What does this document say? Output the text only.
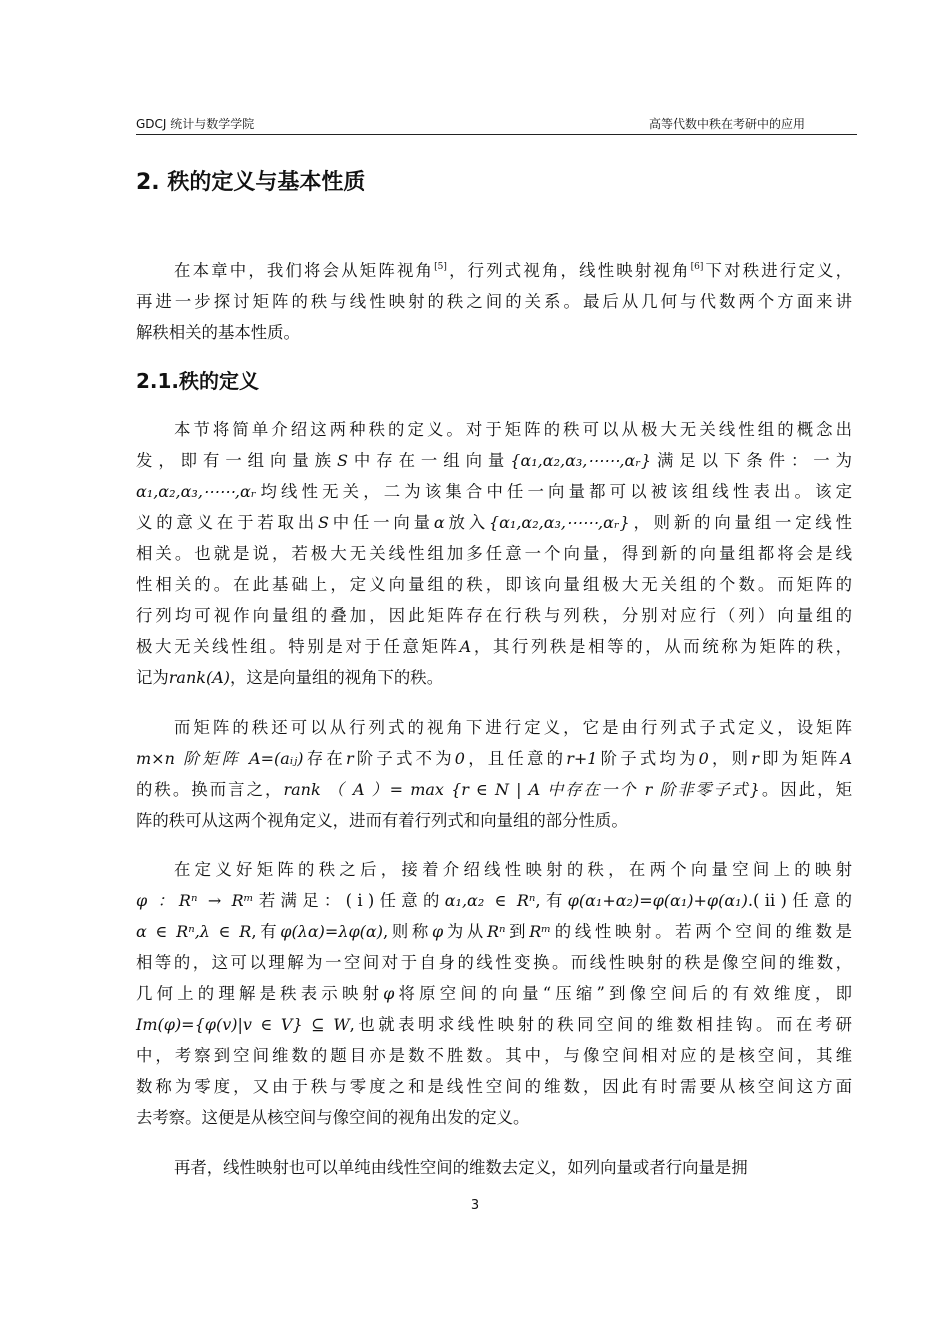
GDCJ 统计与数学学院	高等代数中秩在考研中的应用
2. 秩的定义与基本性质
在本章中，我们将会从矩阵视角[5]，行列式视角，线性映射视角[6]下对秩进行定义，
再进一步探讨矩阵的秩与线性映射的秩之间的关系。最后从几何与代数两个方面来讲
解秩相关的基本性质。
2.1.秩的定义
本节将简单介绍这两种秩的定义。对于矩阵的秩可以从极大无关线性组的概念出
发，即有一组向量族S中存在一组向量{α₁,α₂,α₃,⋯⋯,αᵣ}满足以下条件：一为
α₁,α₂,α₃,⋯⋯,αᵣ均线性无关，二为该集合中任一向量都可以被该组线性表出。该定
义的意义在于若取出S中任一向量α放入{α₁,α₂,α₃,⋯⋯,αᵣ}，则新的向量组一定线性
相关。也就是说，若极大无关线性组加多任意一个向量，得到新的向量组都将会是线
性相关的。在此基础上，定义向量组的秩，即该向量组极大无关组的个数。而矩阵的
行列均可视作向量组的叠加，因此矩阵存在行秩与列秩，分别对应行（列）向量组的
极大无关线性组。特别是对于任意矩阵A，其行列秩是相等的，从而统称为矩阵的秩，
记为rank(A)，这是向量组的视角下的秩。
而矩阵的秩还可以从行列式的视角下进行定义，它是由行列式子式定义，设矩阵
m×n 阶矩阵 A=(aᵢⱼ)存在r阶子式不为0，且任意的r+1阶子式均为0，则r即为矩阵A
的秩。换而言之，rank （ A ）= max {r ∈ N | A 中存在一个 r 阶非零子式}。因此，矩
阵的秩可从这两个视角定义，进而有着行列式和向量组的部分性质。
在定义好矩阵的秩之后，接着介绍线性映射的秩，在两个向量空间上的映射
φ ：Rⁿ → Rᵐ若满足：(ⅰ)任意的α₁,α₂ ∈ Rⁿ,有φ(α₁+α₂)=φ(α₁)+φ(α₁).(ⅱ)任意的
α ∈ Rⁿ,λ ∈ R,有φ(λα)=λφ(α),则称φ为从Rⁿ到Rᵐ的线性映射。若两个空间的维数是
相等的，这可以理解为一空间对于自身的线性变换。而线性映射的秩是像空间的维数，
几何上的理解是秩表示映射φ将原空间的向量“压缩”到像空间后的有效维度，即
Im(φ)={φ(v)|v ∈ V} ⊆ W,也就表明求线性映射的秩同空间的维数相挂钩。而在考研
中，考察到空间维数的题目亦是数不胜数。其中，与像空间相对应的是核空间，其维
数称为零度，又由于秩与零度之和是线性空间的维数，因此有时需要从核空间这方面
去考察。这便是从核空间与像空间的视角出发的定义。
再者，线性映射也可以单纯由线性空间的维数去定义，如列向量或者行向量是拥
3
